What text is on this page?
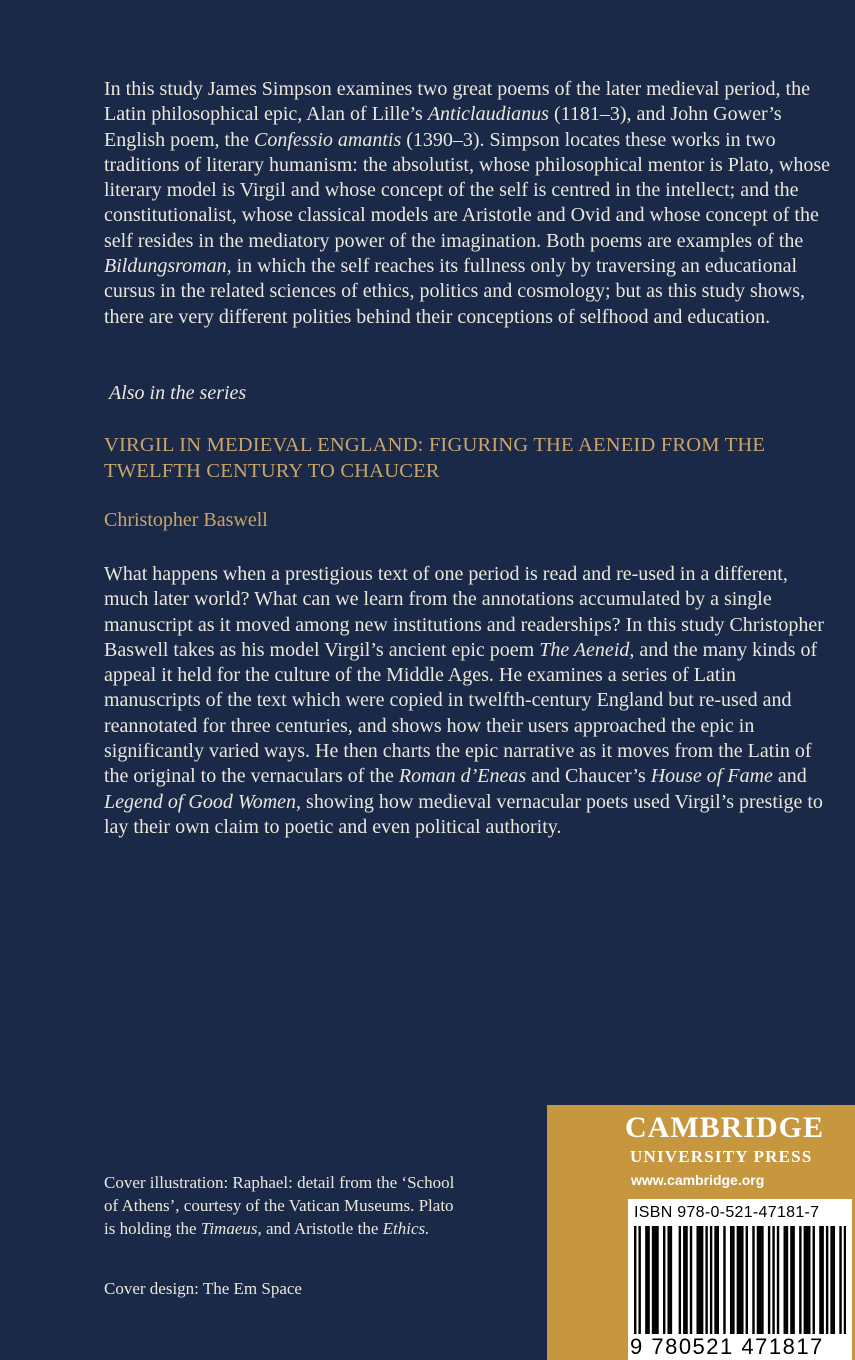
In this study James Simpson examines two great poems of the later medieval period, the Latin philosophical epic, Alan of Lille’s Anticlaudianus (1181–3), and John Gower’s English poem, the Confessio amantis (1390–3). Simpson locates these works in two traditions of literary humanism: the absolutist, whose philosophical mentor is Plato, whose literary model is Virgil and whose concept of the self is centred in the intellect; and the constitutionalist, whose classical models are Aristotle and Ovid and whose concept of the self resides in the mediatory power of the imagination. Both poems are examples of the Bildungsroman, in which the self reaches its fullness only by traversing an educational cursus in the related sciences of ethics, politics and cosmology; but as this study shows, there are very different polities behind their conceptions of selfhood and education.

Also in the series

VIRGIL IN MEDIEVAL ENGLAND: FIGURING THE AENEID FROM THE TWELFTH CENTURY TO CHAUCER

Christopher Baswell

What happens when a prestigious text of one period is read and re-used in a different, much later world? What can we learn from the annotations accumulated by a single manuscript as it moved among new institutions and readerships? In this study Christopher Baswell takes as his model Virgil’s ancient epic poem The Aeneid, and the many kinds of appeal it held for the culture of the Middle Ages. He examines a series of Latin manuscripts of the text which were copied in twelfth-century England but re-used and reannotated for three centuries, and shows how their users approached the epic in significantly varied ways. He then charts the epic narrative as it moves from the Latin of the original to the vernaculars of the Roman d’Eneas and Chaucer’s House of Fame and Legend of Good Women, showing how medieval vernacular poets used Virgil’s prestige to lay their own claim to poetic and even political authority.

Cover illustration: Raphael: detail from the ‘School of Athens’, courtesy of the Vatican Museums. Plato is holding the Timaeus, and Aristotle the Ethics.

Cover design: The Em Space

CAMBRIDGE

UNIVERSITY PRESS

www.cambridge.org

ISBN 978-0-521-47181-7

9 780521 471817
